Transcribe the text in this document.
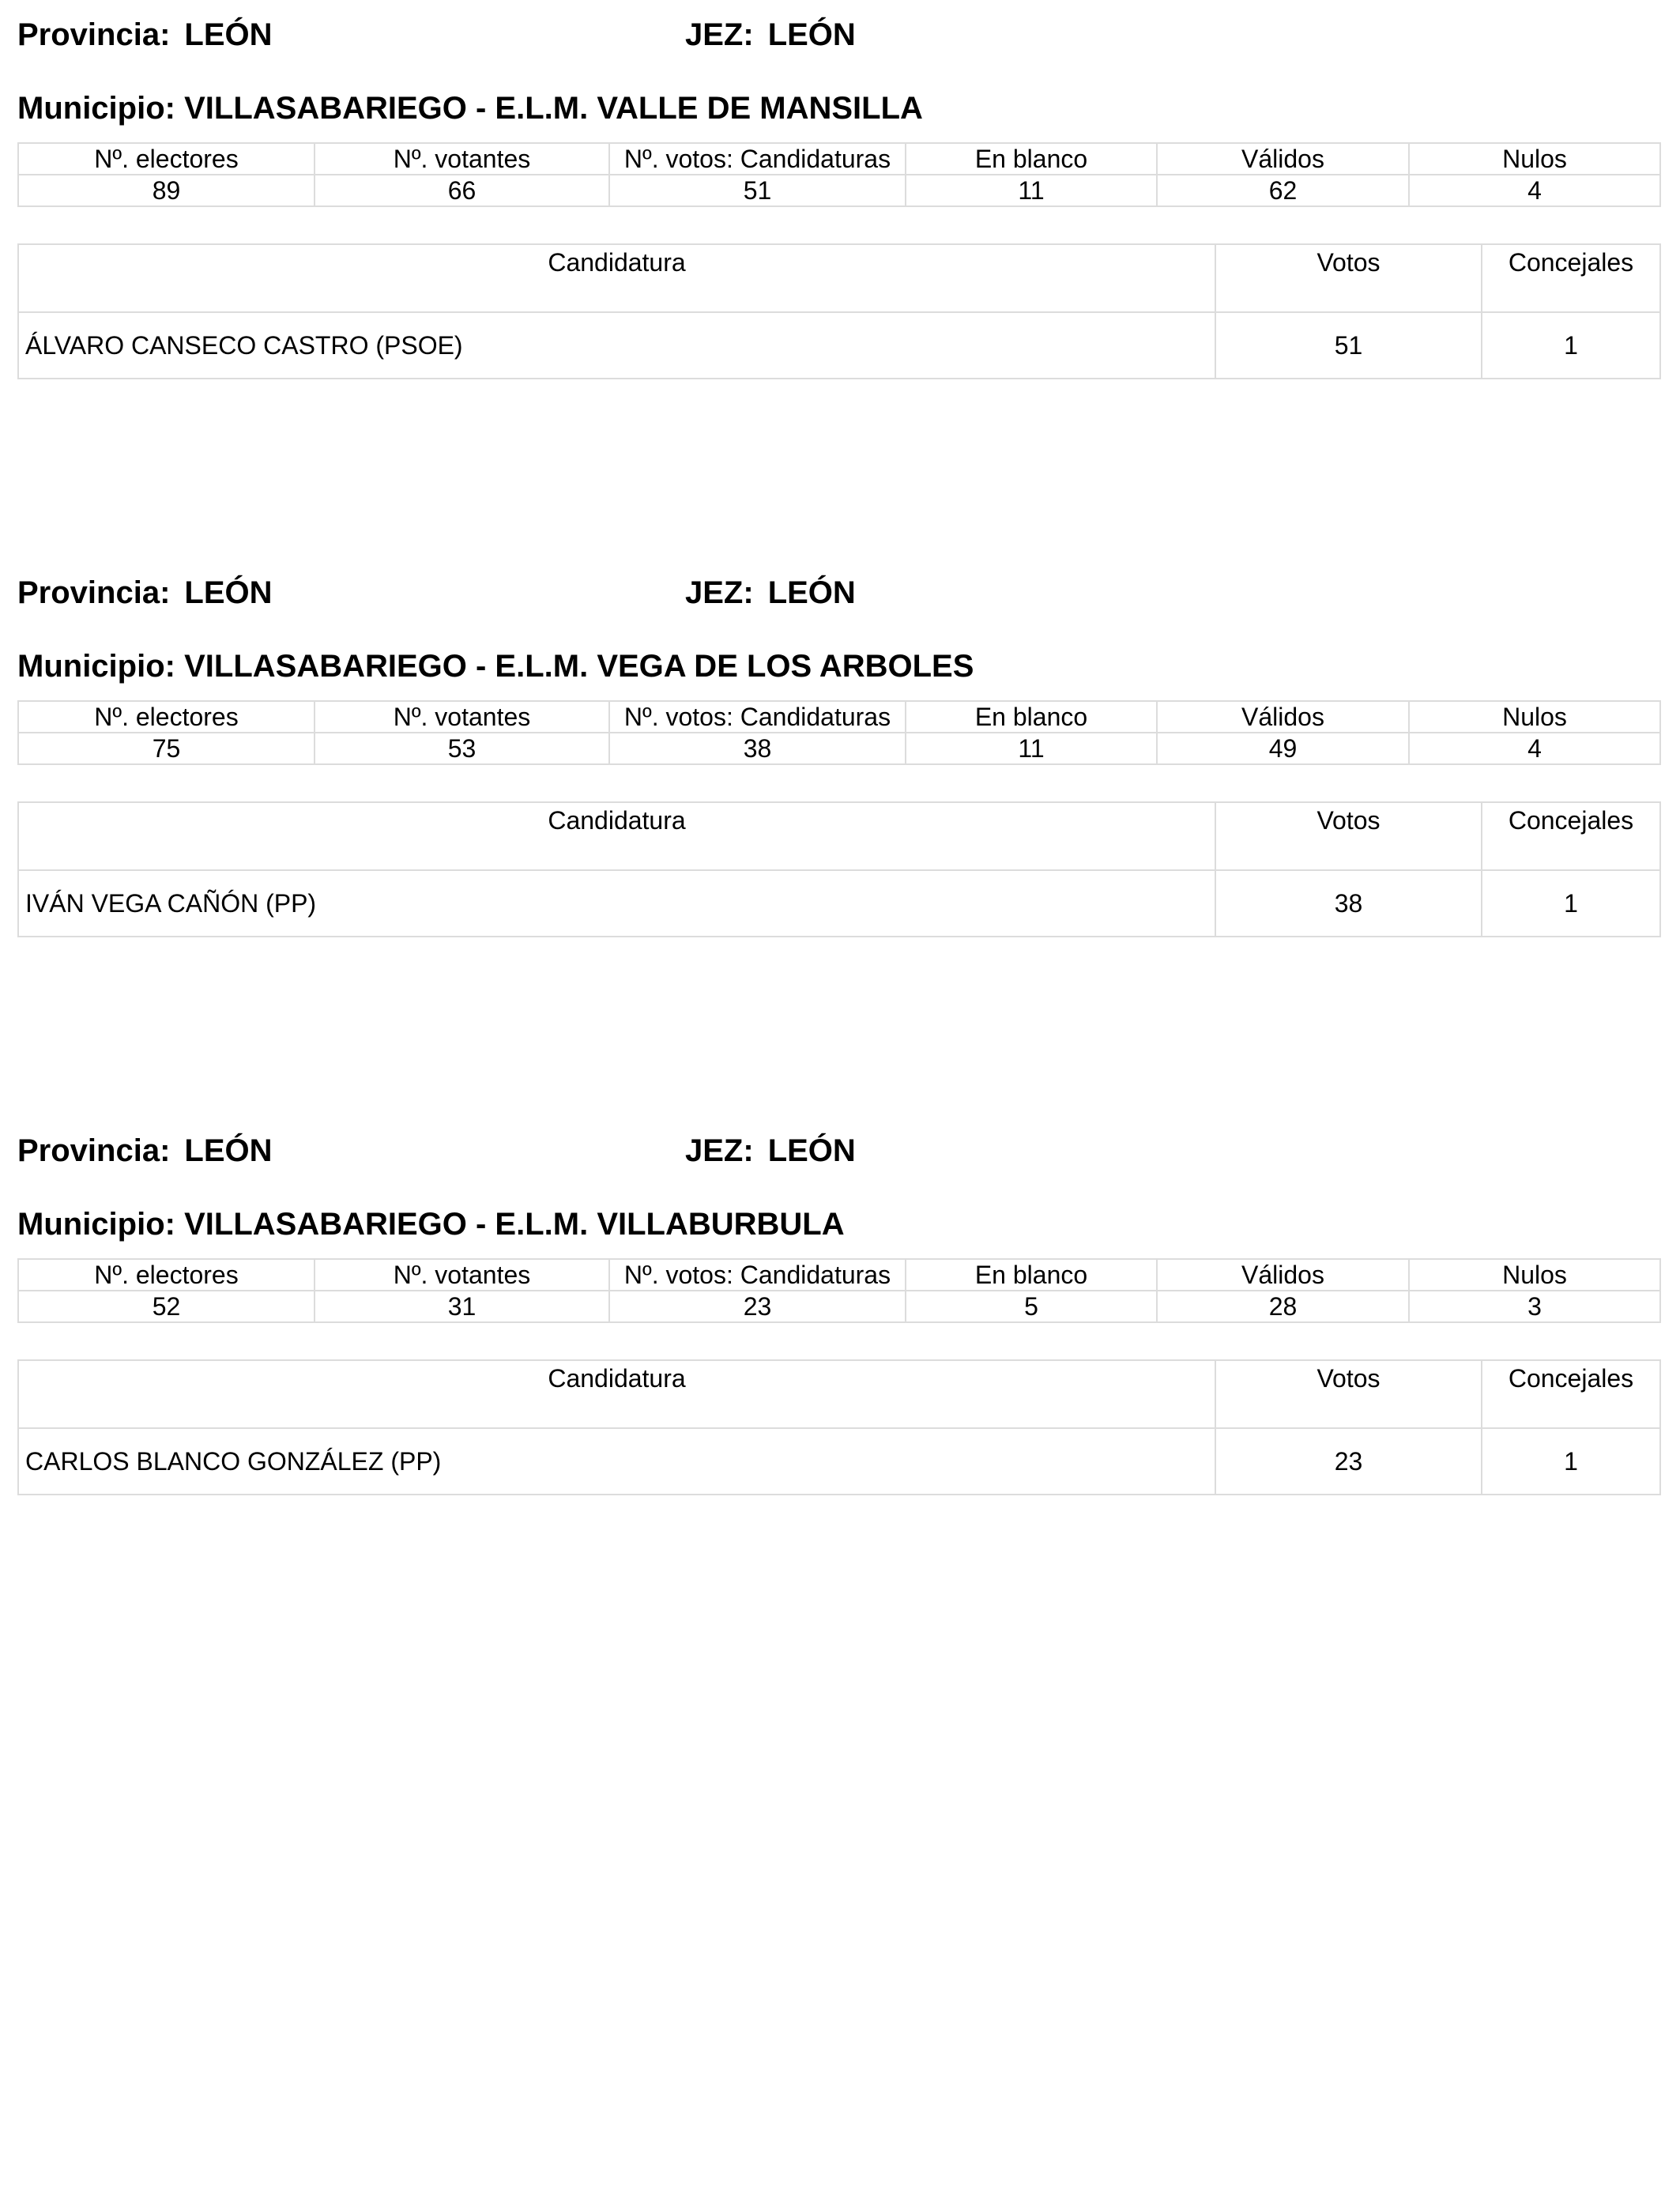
Provincia: LEÓN	JEZ: LEÓN
Municipio: VILLASABARIEGO - E.L.M. VALLE DE MANSILLA
Nº. electores	Nº. votantes	Nº. votos: Candidaturas	En blanco	Válidos	Nulos
89	66	51	11	62	4
Candidatura	Votos	Concejales
ÁLVARO CANSECO CASTRO (PSOE)	51	1
Provincia: LEÓN	JEZ: LEÓN
Municipio: VILLASABARIEGO - E.L.M. VEGA DE LOS ARBOLES
Nº. electores	Nº. votantes	Nº. votos: Candidaturas	En blanco	Válidos	Nulos
75	53	38	11	49	4
Candidatura	Votos	Concejales
IVÁN VEGA CAÑÓN (PP)	38	1
Provincia: LEÓN	JEZ: LEÓN
Municipio: VILLASABARIEGO - E.L.M. VILLABURBULA
Nº. electores	Nº. votantes	Nº. votos: Candidaturas	En blanco	Válidos	Nulos
52	31	23	5	28	3
Candidatura	Votos	Concejales
CARLOS BLANCO GONZÁLEZ (PP)	23	1
